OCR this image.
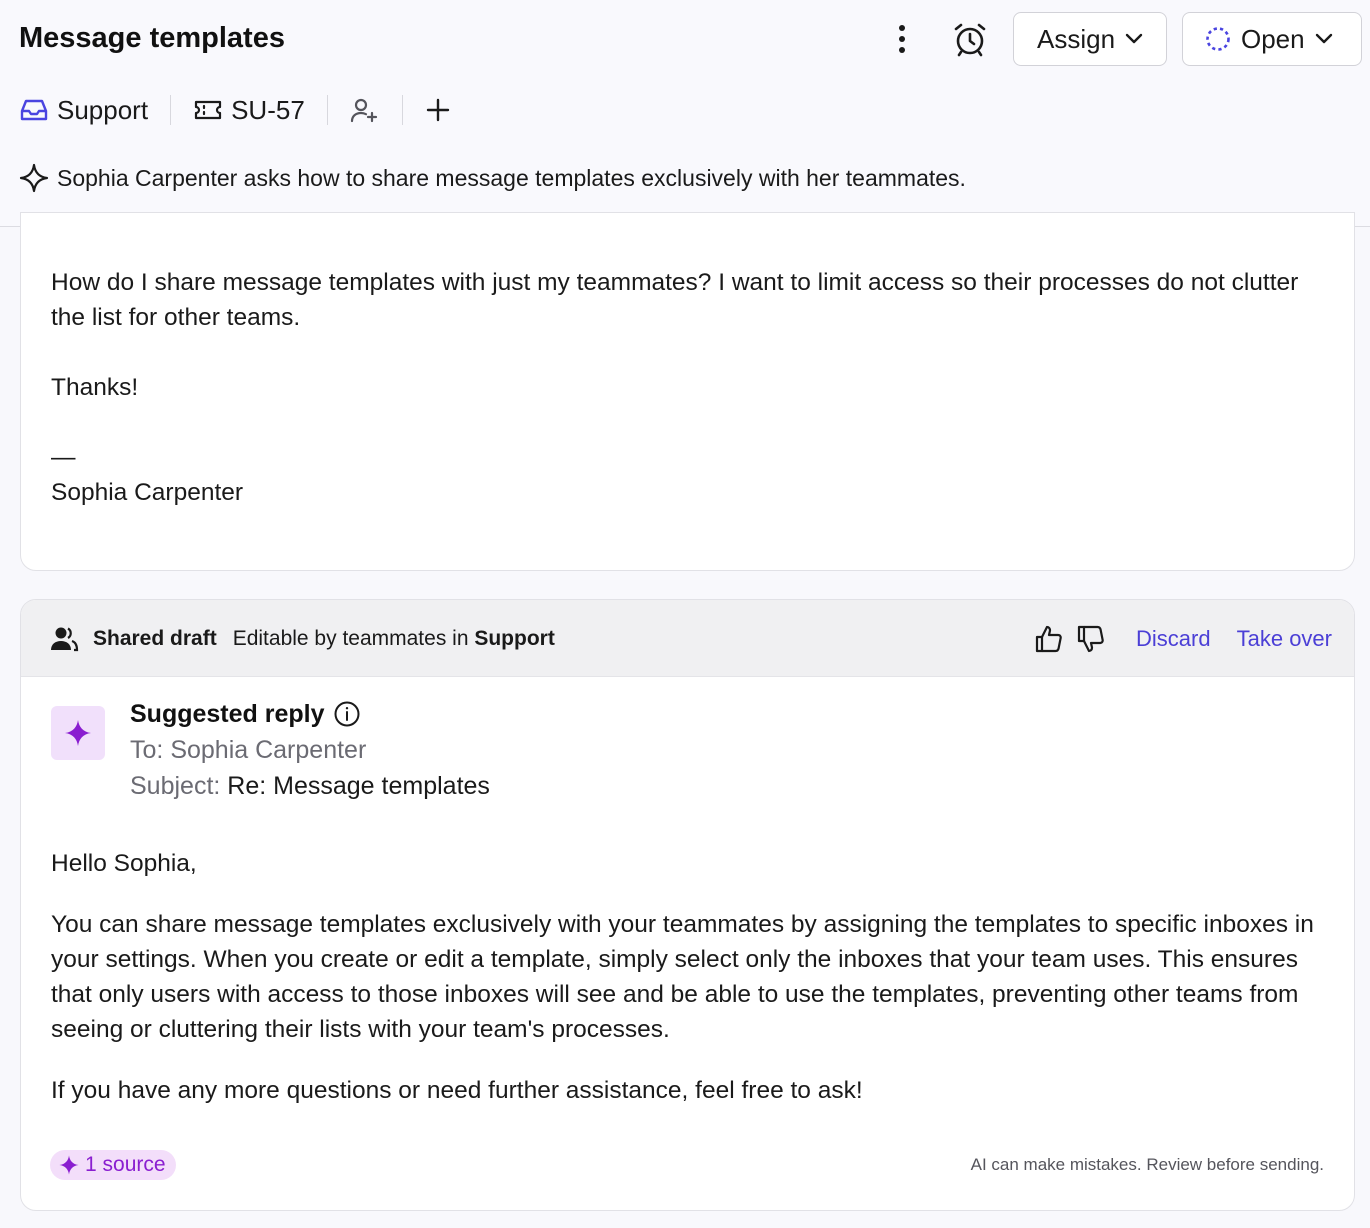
Message templates	Assign	Open
Support	SU-57
Sophia Carpenter asks how to share message templates exclusively with her teammates.

How do I share message templates with just my teammates? I want to limit access so their processes do not clutter the list for other teams.

Thanks!

—

Sophia Carpenter

Shared draft Editable by teammates in Support	Discard Take over
Suggested reply
To: Sophia Carpenter
Subject: Re: Message templates

Hello Sophia,

You can share message templates exclusively with your teammates by assigning the templates to specific inboxes in your settings. When you create or edit a template, simply select only the inboxes that your team uses. This ensures that only users with access to those inboxes will see and be able to use the templates, preventing other teams from seeing or cluttering their lists with your team's processes.

If you have any more questions or need further assistance, feel free to ask!

1 source	AI can make mistakes. Review before sending.
